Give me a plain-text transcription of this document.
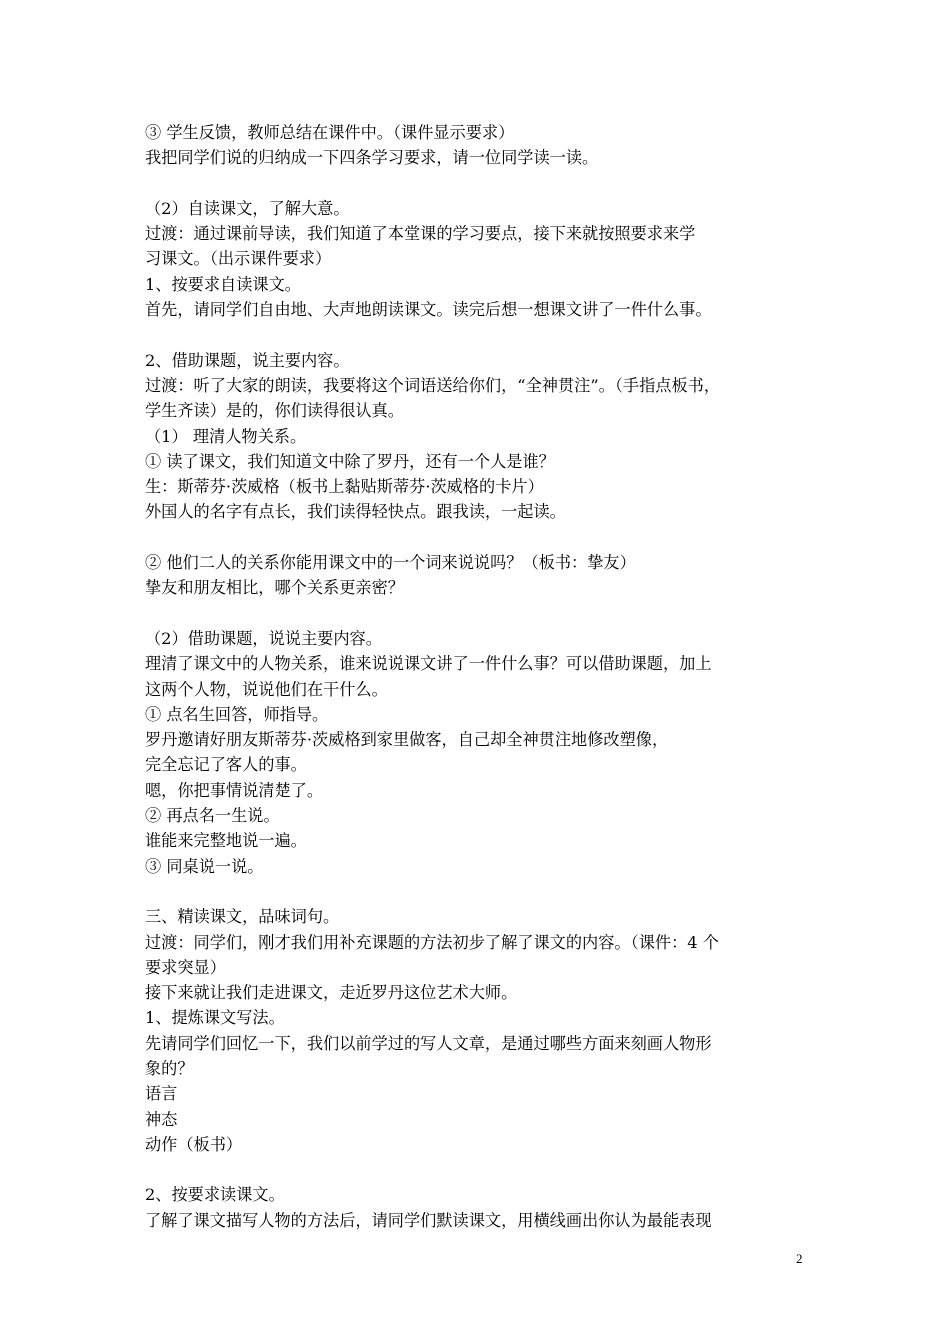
③ 学生反馈，教师总结在课件中。（课件显示要求）
我把同学们说的归纳成一下四条学习要求，请一位同学读一读。
（2）自读课文，了解大意。
过渡：通过课前导读，我们知道了本堂课的学习要点，接下来就按照要求来学
习课文。（出示课件要求）
1、按要求自读课文。
首先，请同学们自由地、大声地朗读课文。读完后想一想课文讲了一件什么事。
2、借助课题，说主要内容。
过渡：听了大家的朗读，我要将这个词语送给你们，“全神贯注”。（手指点板书，
学生齐读）是的，你们读得很认真。
（1） 理清人物关系。
① 读了课文，我们知道文中除了罗丹，还有一个人是谁？
生：斯蒂芬·茨威格（板书上黏贴斯蒂芬·茨威格的卡片）
外国人的名字有点长，我们读得轻快点。跟我读，一起读。
② 他们二人的关系你能用课文中的一个词来说说吗？（板书：挚友）
挚友和朋友相比，哪个关系更亲密？
（2）借助课题，说说主要内容。
理清了课文中的人物关系，谁来说说课文讲了一件什么事？可以借助课题，加上
这两个人物，说说他们在干什么。
① 点名生回答，师指导。
罗丹邀请好朋友斯蒂芬·茨威格到家里做客，自己却全神贯注地修改塑像，
完全忘记了客人的事。
嗯，你把事情说清楚了。
② 再点名一生说。
谁能来完整地说一遍。
③ 同桌说一说。
三、精读课文，品味词句。
过渡：同学们，刚才我们用补充课题的方法初步了解了课文的内容。（课件：4 个
要求突显）
接下来就让我们走进课文，走近罗丹这位艺术大师。
1、提炼课文写法。
先请同学们回忆一下，我们以前学过的写人文章，是通过哪些方面来刻画人物形
象的？
语言
神态
动作（板书）
2、按要求读课文。
了解了课文描写人物的方法后，请同学们默读课文，用横线画出你认为最能表现
2
